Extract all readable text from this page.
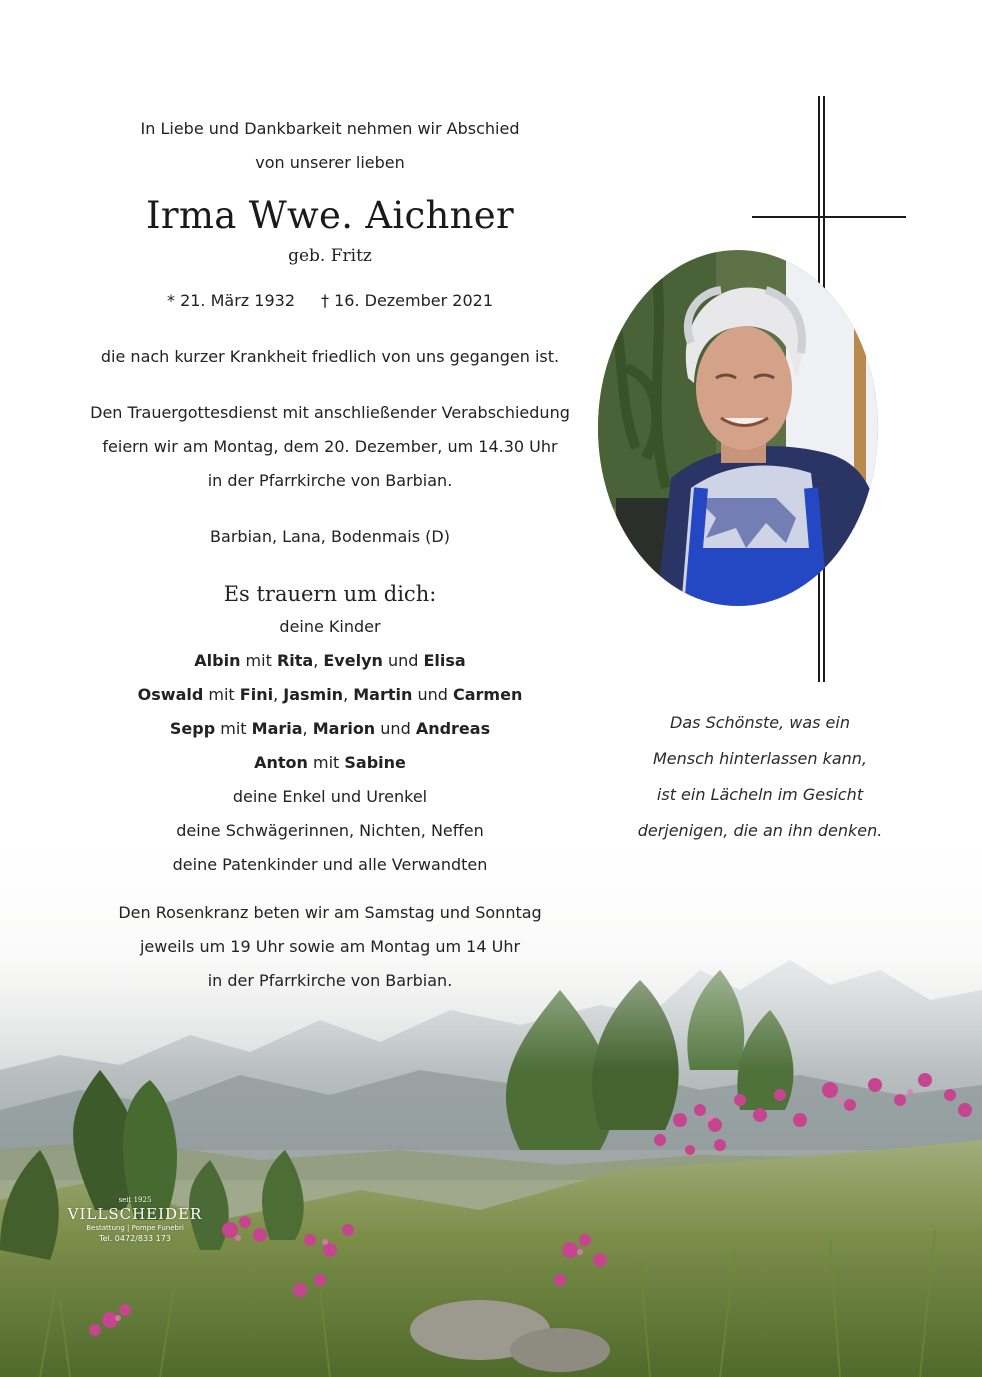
In Liebe und Dankbarkeit nehmen wir Abschied
von unserer lieben
Irma Wwe. Aichner
geb. Fritz
* 21. März 1932 † 16. Dezember 2021
die nach kurzer Krankheit friedlich von uns gegangen ist.
Den Trauergottesdienst mit anschließender Verabschiedung
feiern wir am Montag, dem 20. Dezember, um 14.30 Uhr
in der Pfarrkirche von Barbian.
Barbian, Lana, Bodenmais (D)
Es trauern um dich:
deine Kinder
Albin mit Rita, Evelyn und Elisa
Oswald mit Fini, Jasmin, Martin und Carmen
Sepp mit Maria, Marion und Andreas
Anton mit Sabine
deine Enkel und Urenkel
deine Schwägerinnen, Nichten, Neffen
deine Patenkinder und alle Verwandten
Den Rosenkranz beten wir am Samstag und Sonntag
jeweils um 19 Uhr sowie am Montag um 14 Uhr
in der Pfarrkirche von Barbian.
Das Schönste, was ein
Mensch hinterlassen kann,
ist ein Lächeln im Gesicht
derjenigen, die an ihn denken.
seit 1925
VILLSCHEIDER
Bestattung | Pompe Funebri
Tel. 0472/833 173
